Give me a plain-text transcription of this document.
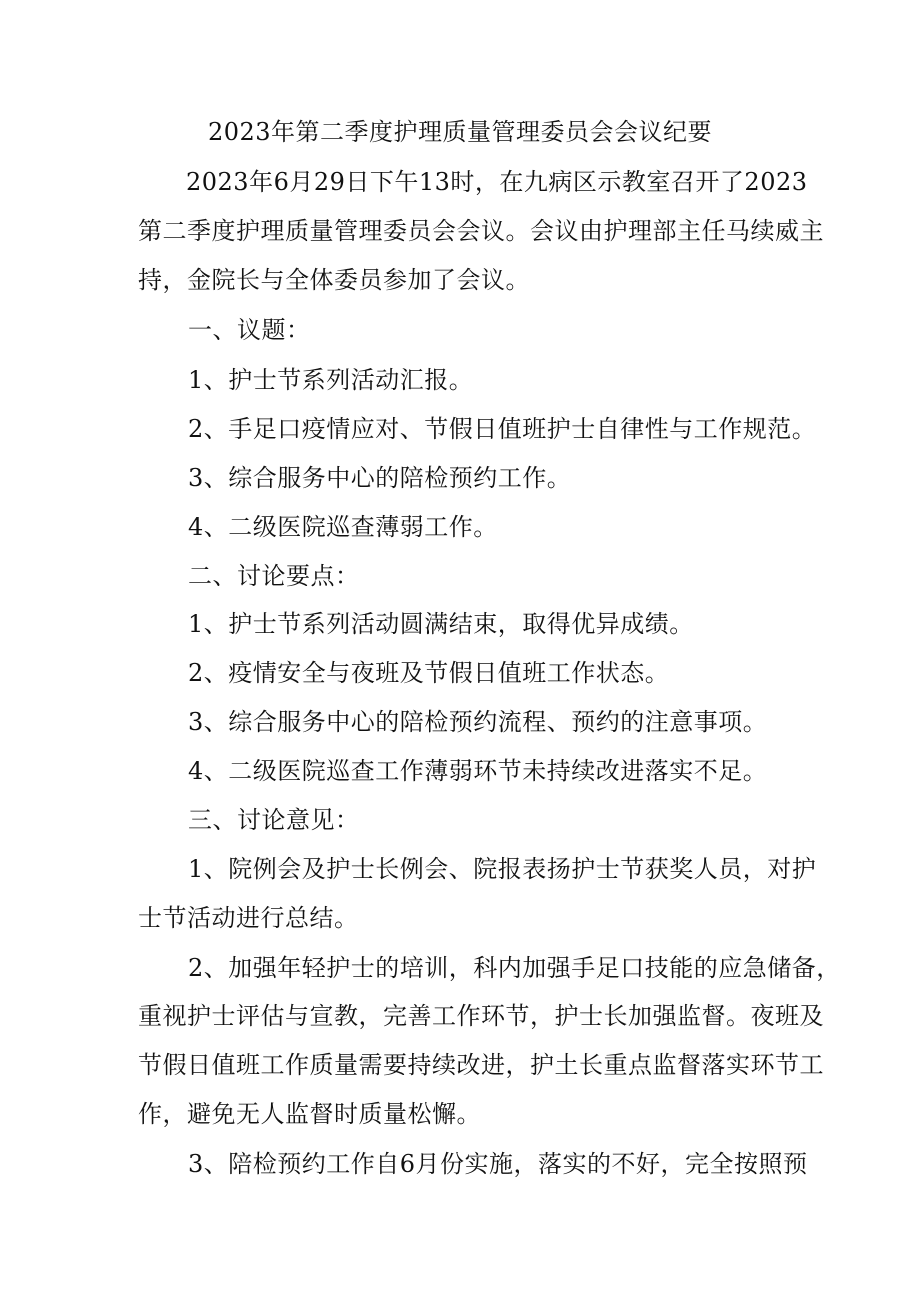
2023年第二季度护理质量管理委员会会议纪要
2023年6月29日下午13时，在九病区示教室召开了2023
第二季度护理质量管理委员会会议。会议由护理部主任马续威主
持，金院长与全体委员参加了会议。
一、议题：
1、护士节系列活动汇报。
2、手足口疫情应对、节假日值班护士自律性与工作规范。
3、综合服务中心的陪检预约工作。
4、二级医院巡查薄弱工作。
二、讨论要点：
1、护士节系列活动圆满结束，取得优异成绩。
2、疫情安全与夜班及节假日值班工作状态。
3、综合服务中心的陪检预约流程、预约的注意事项。
4、二级医院巡查工作薄弱环节未持续改进落实不足。
三、讨论意见：
1、院例会及护士长例会、院报表扬护士节获奖人员，对护
士节活动进行总结。
2、加强年轻护士的培训，科内加强手足口技能的应急储备，
重视护士评估与宣教，完善工作环节，护士长加强监督。夜班及
节假日值班工作质量需要持续改进，护土长重点监督落实环节工
作，避免无人监督时质量松懈。
3、陪检预约工作自6月份实施，落实的不好，完全按照预
